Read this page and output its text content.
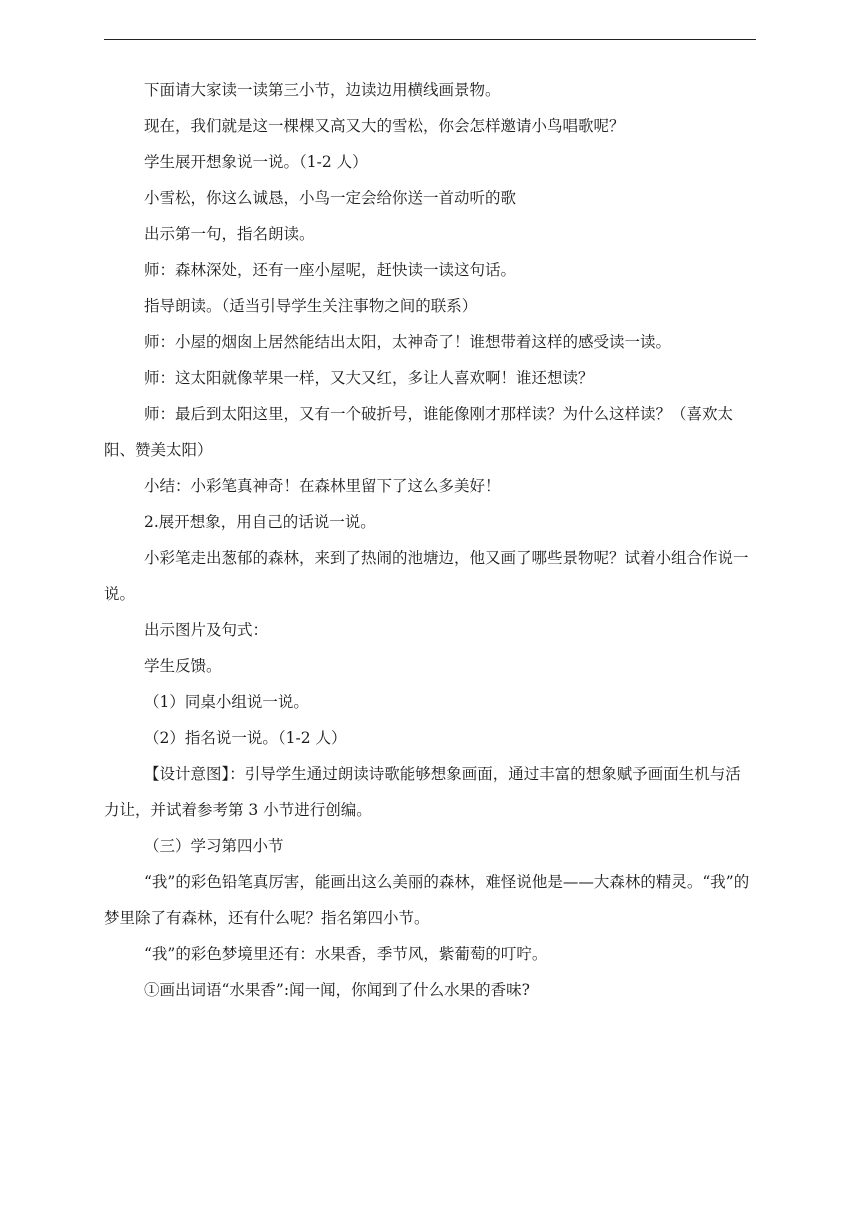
下面请大家读一读第三小节，边读边用横线画景物。

现在，我们就是这一棵棵又高又大的雪松，你会怎样邀请小鸟唱歌呢？

学生展开想象说一说。（1-2 人）

小雪松，你这么诚恳，小鸟一定会给你送一首动听的歌

出示第一句，指名朗读。

师：森林深处，还有一座小屋呢，赶快读一读这句话。

指导朗读。（适当引导学生关注事物之间的联系）

师：小屋的烟囱上居然能结出太阳，太神奇了！谁想带着这样的感受读一读。

师：这太阳就像苹果一样，又大又红，多让人喜欢啊！谁还想读？

师：最后到太阳这里，又有一个破折号，谁能像刚才那样读？为什么这样读？（喜欢太阳、赞美太阳）

小结：小彩笔真神奇！在森林里留下了这么多美好！

2.展开想象，用自己的话说一说。

小彩笔走出葱郁的森林，来到了热闹的池塘边，他又画了哪些景物呢？试着小组合作说一说。

出示图片及句式：

学生反馈。

（1）同桌小组说一说。

（2）指名说一说。（1-2 人）

【设计意图】：引导学生通过朗读诗歌能够想象画面，通过丰富的想象赋予画面生机与活力让，并试着参考第 3 小节进行创编。

（三）学习第四小节

“我”的彩色铅笔真厉害，能画出这么美丽的森林，难怪说他是——大森林的精灵。“我”的梦里除了有森林，还有什么呢？指名第四小节。

“我”的彩色梦境里还有：水果香，季节风，紫葡萄的叮咛。

①画出词语“水果香”:闻一闻，你闻到了什么水果的香味?
